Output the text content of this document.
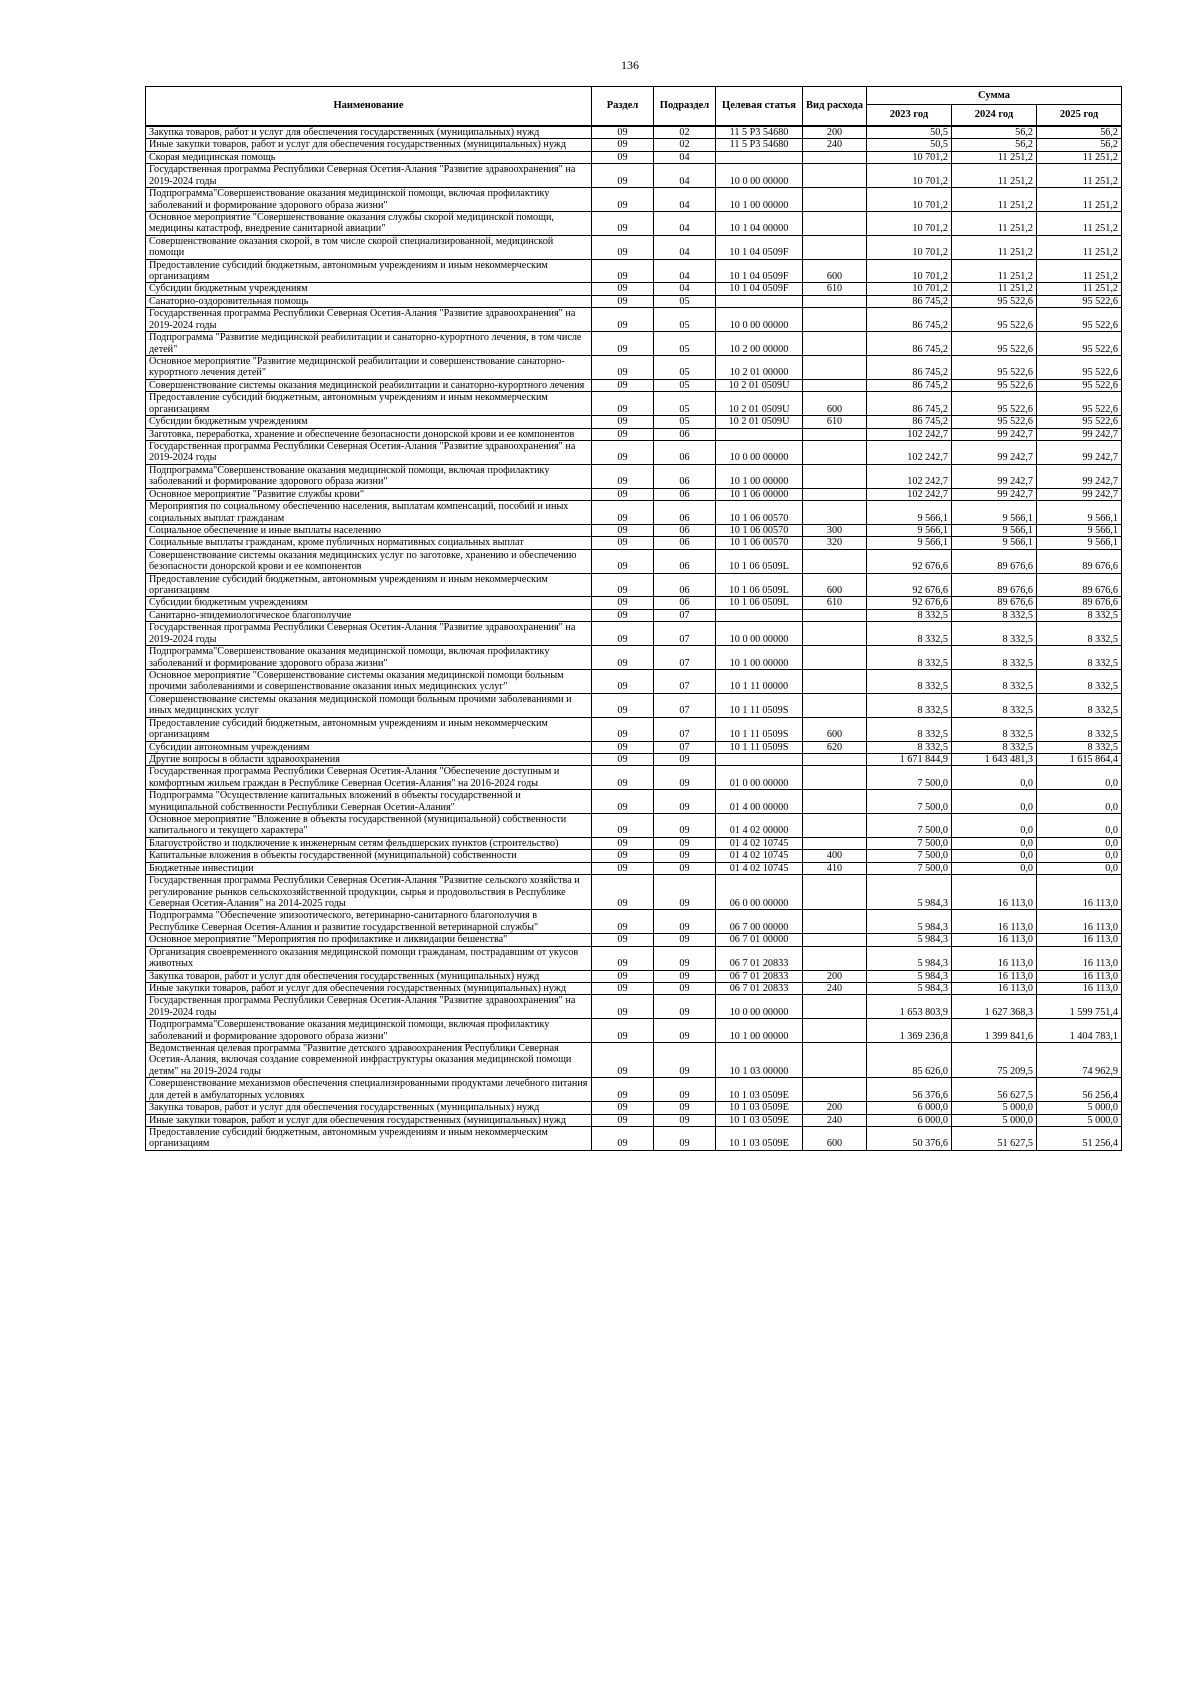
136
Наименование	Раздел	Подраздел	Целевая статья	Вид расхода	Сумма		
					2023 год	2024 год	2025 год
Закупка товаров, работ и услуг для обеспечения государственных (муниципальных) нужд	09	02	11 5 P3 54680	200	50,5	56,2	56,2
Иные закупки товаров, работ и услуг для обеспечения государственных (муниципальных) нужд	09	02	11 5 P3 54680	240	50,5	56,2	56,2
Скорая медицинская помощь	09	04			10 701,2	11 251,2	11 251,2
Государственная программа Республики Северная Осетия-Алания "Развитие здравоохранения" на 2019-2024 годы	09	04	10 0 00 00000		10 701,2	11 251,2	11 251,2
Подпрограмма"Совершенствование оказания медицинской помощи, включая профилактику заболеваний и формирование здорового образа жизни"	09	04	10 1 00 00000		10 701,2	11 251,2	11 251,2
Основное мероприятие "Совершенствование оказания службы скорой медицинской помощи, медицины катастроф, внедрение санитарной авиации"	09	04	10 1 04 00000		10 701,2	11 251,2	11 251,2
Совершенствование оказания скорой, в том числе скорой специализированной, медицинской помощи	09	04	10 1 04 0509F		10 701,2	11 251,2	11 251,2
Предоставление субсидий бюджетным, автономным учреждениям и иным некоммерческим организациям	09	04	10 1 04 0509F	600	10 701,2	11 251,2	11 251,2
Субсидии бюджетным учреждениям	09	04	10 1 04 0509F	610	10 701,2	11 251,2	11 251,2
Санаторно-оздоровительная помощь	09	05			86 745,2	95 522,6	95 522,6
Государственная программа Республики Северная Осетия-Алания "Развитие здравоохранения" на 2019-2024 годы	09	05	10 0 00 00000		86 745,2	95 522,6	95 522,6
Подпрограмма "Развитие медицинской реабилитации и санаторно-курортного лечения, в том числе детей"	09	05	10 2 00 00000		86 745,2	95 522,6	95 522,6
Основное мероприятие "Развитие медицинской реабилитации и совершенствование санаторно-курортного лечения детей"	09	05	10 2 01 00000		86 745,2	95 522,6	95 522,6
Совершенствование системы оказания медицинской реабилитации и санаторно-курортного лечения	09	05	10 2 01 0509U		86 745,2	95 522,6	95 522,6
Предоставление субсидий бюджетным, автономным учреждениям и иным некоммерческим организациям	09	05	10 2 01 0509U	600	86 745,2	95 522,6	95 522,6
Субсидии бюджетным учреждениям	09	05	10 2 01 0509U	610	86 745,2	95 522,6	95 522,6
Заготовка, переработка, хранение и обеспечение безопасности донорской крови и ее компонентов	09	06			102 242,7	99 242,7	99 242,7
Государственная программа Республики Северная Осетия-Алания "Развитие здравоохранения" на 2019-2024 годы	09	06	10 0 00 00000		102 242,7	99 242,7	99 242,7
Подпрограмма"Совершенствование оказания медицинской помощи, включая профилактику заболеваний и формирование здорового образа жизни"	09	06	10 1 00 00000		102 242,7	99 242,7	99 242,7
Основное мероприятие "Развитие службы крови"	09	06	10 1 06 00000		102 242,7	99 242,7	99 242,7
Мероприятия по социальному обеспечению населения, выплатам компенсаций, пособий и иных социальных выплат гражданам	09	06	10 1 06 00570		9 566,1	9 566,1	9 566,1
Социальное обеспечение и иные выплаты населению	09	06	10 1 06 00570	300	9 566,1	9 566,1	9 566,1
Социальные выплаты гражданам, кроме публичных нормативных социальных выплат	09	06	10 1 06 00570	320	9 566,1	9 566,1	9 566,1
Совершенствование системы оказания медицинских услуг по заготовке, хранению и обеспечению безопасности донорской крови и ее компонентов	09	06	10 1 06 0509L		92 676,6	89 676,6	89 676,6
Предоставление субсидий бюджетным, автономным учреждениям и иным некоммерческим организациям	09	06	10 1 06 0509L	600	92 676,6	89 676,6	89 676,6
Субсидии бюджетным учреждениям	09	06	10 1 06 0509L	610	92 676,6	89 676,6	89 676,6
Санитарно-эпидемиологическое благополучие	09	07			8 332,5	8 332,5	8 332,5
Государственная программа Республики Северная Осетия-Алания "Развитие здравоохранения" на 2019-2024 годы	09	07	10 0 00 00000		8 332,5	8 332,5	8 332,5
Подпрограмма"Совершенствование оказания медицинской помощи, включая профилактику заболеваний и формирование здорового образа жизни"	09	07	10 1 00 00000		8 332,5	8 332,5	8 332,5
Основное мероприятие "Совершенствование системы оказания медицинской помощи больным прочими заболеваниями и совершенствование оказания иных медицинских услуг"	09	07	10 1 11 00000		8 332,5	8 332,5	8 332,5
Совершенствование системы оказания медицинской помощи больным прочими заболеваниями и иных медицинских услуг	09	07	10 1 11 0509S		8 332,5	8 332,5	8 332,5
Предоставление субсидий бюджетным, автономным учреждениям и иным некоммерческим организациям	09	07	10 1 11 0509S	600	8 332,5	8 332,5	8 332,5
Субсидии автономным учреждениям	09	07	10 1 11 0509S	620	8 332,5	8 332,5	8 332,5
Другие вопросы в области здравоохранения	09	09			1 671 844,9	1 643 481,3	1 615 864,4
Государственная программа Республики Северная Осетия-Алания "Обеспечение доступным и комфортным жильем граждан в Республике Северная Осетия-Алания" на 2016-2024 годы	09	09	01 0 00 00000		7 500,0	0,0	0,0
Подпрограмма "Осуществление капитальных вложений в объекты государственной и муниципальной собственности Республики Северная Осетия-Алания"	09	09	01 4 00 00000		7 500,0	0,0	0,0
Основное мероприятие "Вложение в объекты государственной (муниципальной) собственности капитального и текущего характера"	09	09	01 4 02 00000		7 500,0	0,0	0,0
Благоустройство и подключение к инженерным сетям фельдшерских пунктов (строительство)	09	09	01 4 02 10745		7 500,0	0,0	0,0
Капитальные вложения в объекты государственной (муниципальной) собственности	09	09	01 4 02 10745	400	7 500,0	0,0	0,0
Бюджетные инвестиции	09	09	01 4 02 10745	410	7 500,0	0,0	0,0
Государственная программа Республики Северная Осетия-Алания "Развитие сельского хозяйства и регулирование рынков сельскохозяйственной продукции, сырья и продовольствия в Республике Северная Осетия-Алания" на 2014-2025 годы	09	09	06 0 00 00000		5 984,3	16 113,0	16 113,0
Подпрограмма "Обеспечение эпизоотического, ветеринарно-санитарного благополучия в Республике Северная Осетия-Алания и развитие государственной ветеринарной службы"	09	09	06 7 00 00000		5 984,3	16 113,0	16 113,0
Основное мероприятие "Мероприятия по профилактике и ликвидации бешенства"	09	09	06 7 01 00000		5 984,3	16 113,0	16 113,0
Организация своевременного оказания медицинской помощи гражданам, пострадавшим от укусов животных	09	09	06 7 01 20833		5 984,3	16 113,0	16 113,0
Закупка товаров, работ и услуг для обеспечения государственных (муниципальных) нужд	09	09	06 7 01 20833	200	5 984,3	16 113,0	16 113,0
Иные закупки товаров, работ и услуг для обеспечения государственных (муниципальных) нужд	09	09	06 7 01 20833	240	5 984,3	16 113,0	16 113,0
Государственная программа Республики Северная Осетия-Алания "Развитие здравоохранения" на 2019-2024 годы	09	09	10 0 00 00000		1 653 803,9	1 627 368,3	1 599 751,4
Подпрограмма"Совершенствование оказания медицинской помощи, включая профилактику заболеваний и формирование здорового образа жизни"	09	09	10 1 00 00000		1 369 236,8	1 399 841,6	1 404 783,1
Ведомственная целевая программа "Развитие детского здравоохранения Республики Северная Осетия-Алания, включая создание современной инфраструктуры оказания медицинской помощи детям" на 2019-2024 годы	09	09	10 1 03 00000		85 626,0	75 209,5	74 962,9
Совершенствование механизмов обеспечения специализированными продуктами лечебного питания для детей в амбулаторных условиях	09	09	10 1 03 0509E		56 376,6	56 627,5	56 256,4
Закупка товаров, работ и услуг для обеспечения государственных (муниципальных) нужд	09	09	10 1 03 0509E	200	6 000,0	5 000,0	5 000,0
Иные закупки товаров, работ и услуг для обеспечения государственных (муниципальных) нужд	09	09	10 1 03 0509E	240	6 000,0	5 000,0	5 000,0
Предоставление субсидий бюджетным, автономным учреждениям и иным некоммерческим организациям	09	09	10 1 03 0509E	600	50 376,6	51 627,5	51 256,4
